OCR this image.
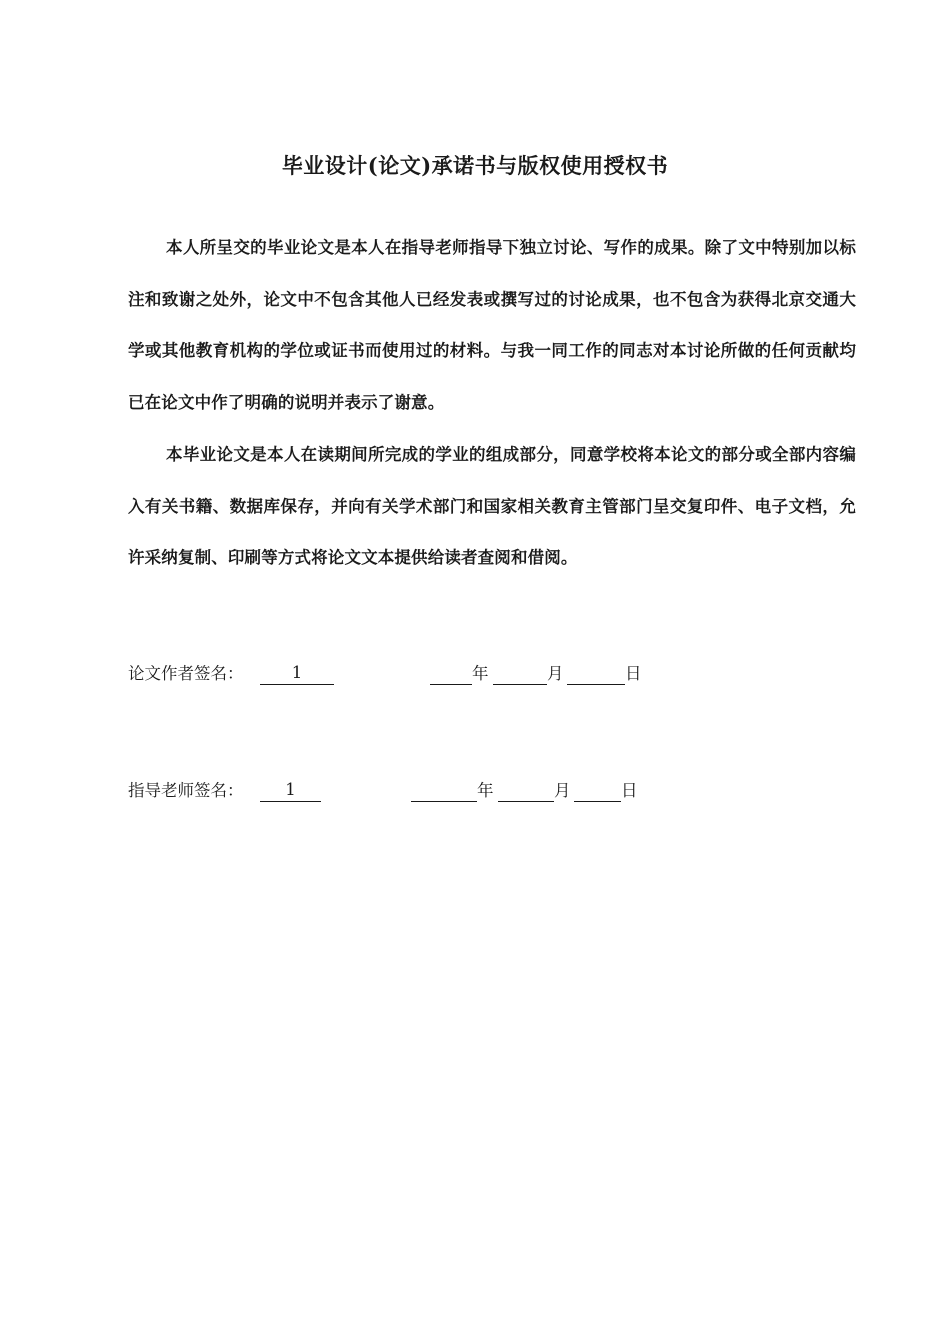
毕业设计(论文)承诺书与版权使用授权书
本人所呈交的毕业论文是本人在指导老师指导下独立讨论、写作的成果。除了文中特别加以标注和致谢之处外，论文中不包含其他人已经发表或撰写过的讨论成果，也不包含为获得北京交通大学或其他教育机构的学位或证书而使用过的材料。与我一同工作的同志对本讨论所做的任何贡献均已在论文中作了明确的说明并表示了谢意。
本毕业论文是本人在读期间所完成的学业的组成部分，同意学校将本论文的部分或全部内容编入有关书籍、数据库保存，并向有关学术部门和国家相关教育主管部门呈交复印件、电子文档，允许采纳复制、印刷等方式将论文文本提供给读者查阅和借阅。
论文作者签名：	1	年	月	日
指导老师签名：	1	年	月	日
